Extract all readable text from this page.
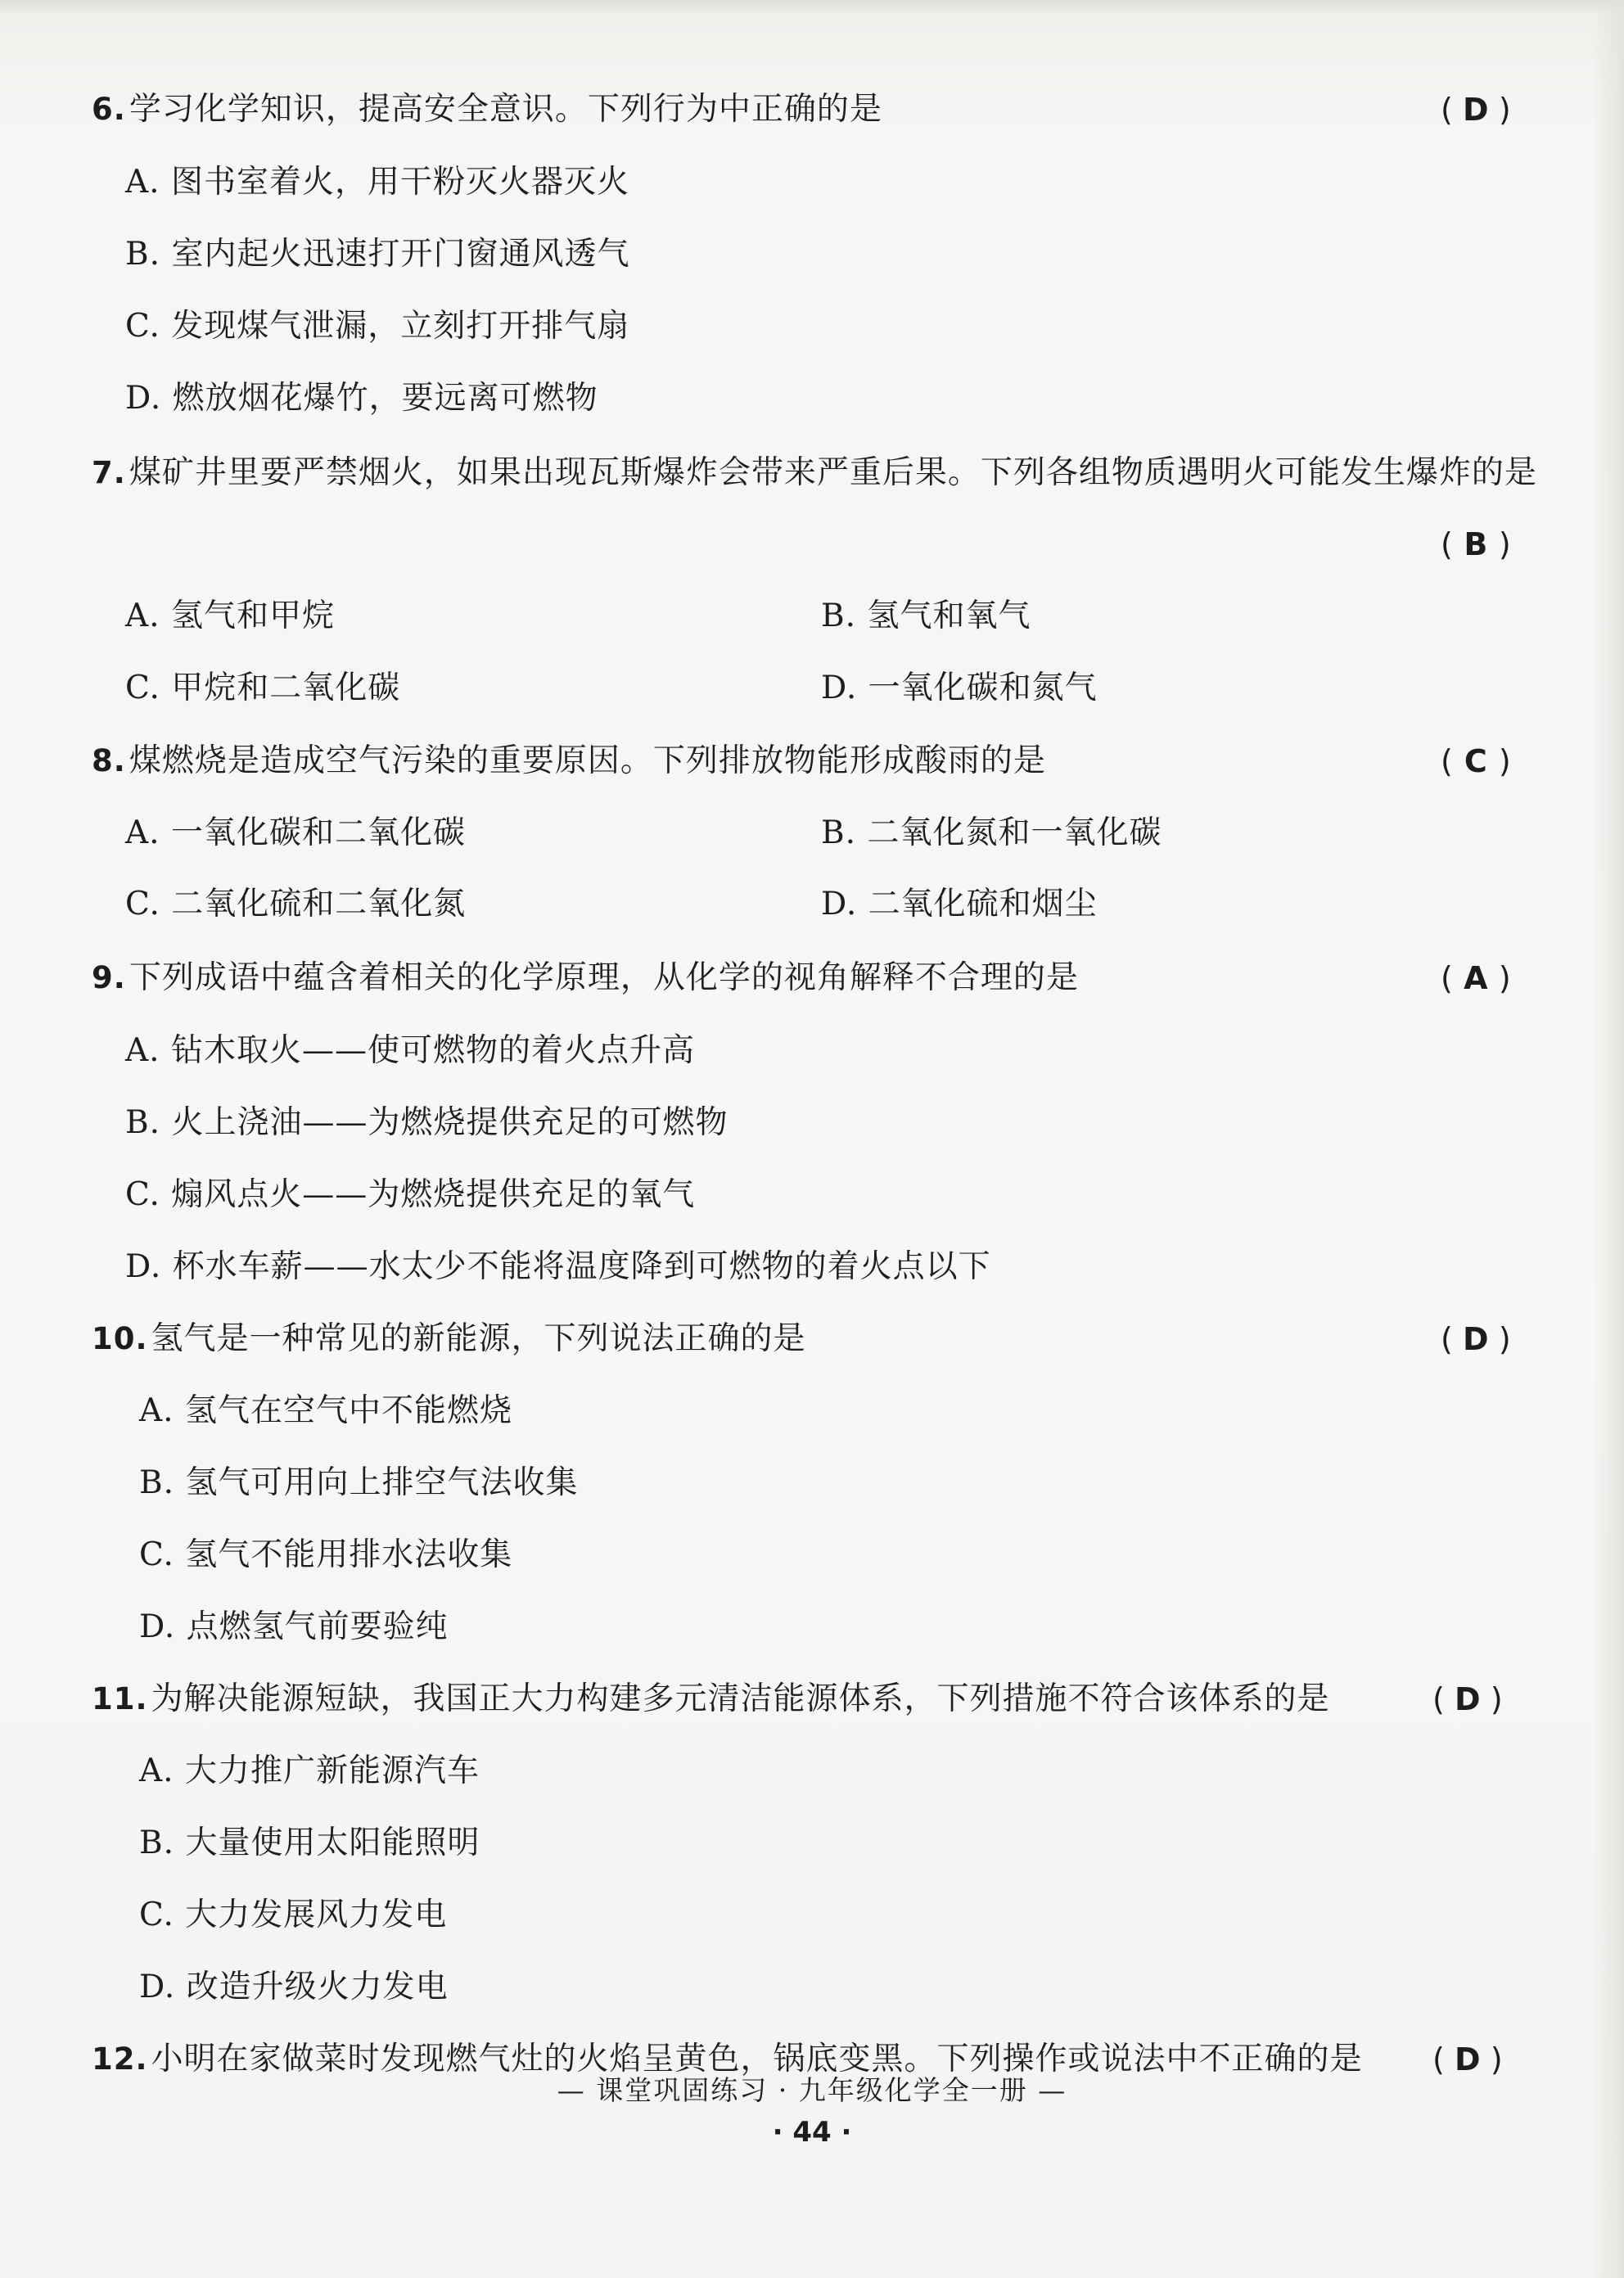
6. 学习化学知识，提高安全意识。下列行为中正确的是	( D )
A. 图书室着火，用干粉灭火器灭火
B. 室内起火迅速打开门窗通风透气
C. 发现煤气泄漏，立刻打开排气扇
D. 燃放烟花爆竹，要远离可燃物
7. 煤矿井里要严禁烟火，如果出现瓦斯爆炸会带来严重后果。下列各组物质遇明火可能发生爆炸的是
( B )
A. 氢气和甲烷	B. 氢气和氧气
C. 甲烷和二氧化碳	D. 一氧化碳和氮气
8. 煤燃烧是造成空气污染的重要原因。下列排放物能形成酸雨的是	( C )
A. 一氧化碳和二氧化碳	B. 二氧化氮和一氧化碳
C. 二氧化硫和二氧化氮	D. 二氧化硫和烟尘
9. 下列成语中蕴含着相关的化学原理，从化学的视角解释不合理的是	( A )
A. 钻木取火——使可燃物的着火点升高
B. 火上浇油——为燃烧提供充足的可燃物
C. 煽风点火——为燃烧提供充足的氧气
D. 杯水车薪——水太少不能将温度降到可燃物的着火点以下
10. 氢气是一种常见的新能源，下列说法正确的是	( D )
A. 氢气在空气中不能燃烧
B. 氢气可用向上排空气法收集
C. 氢气不能用排水法收集
D. 点燃氢气前要验纯
11. 为解决能源短缺，我国正大力构建多元清洁能源体系，下列措施不符合该体系的是	( D )
A. 大力推广新能源汽车
B. 大量使用太阳能照明
C. 大力发展风力发电
D. 改造升级火力发电
12. 小明在家做菜时发现燃气灶的火焰呈黄色，锅底变黑。下列操作或说法中不正确的是 ( D )
— 课堂巩固练习 · 九年级化学全一册 —
· 44 ·
